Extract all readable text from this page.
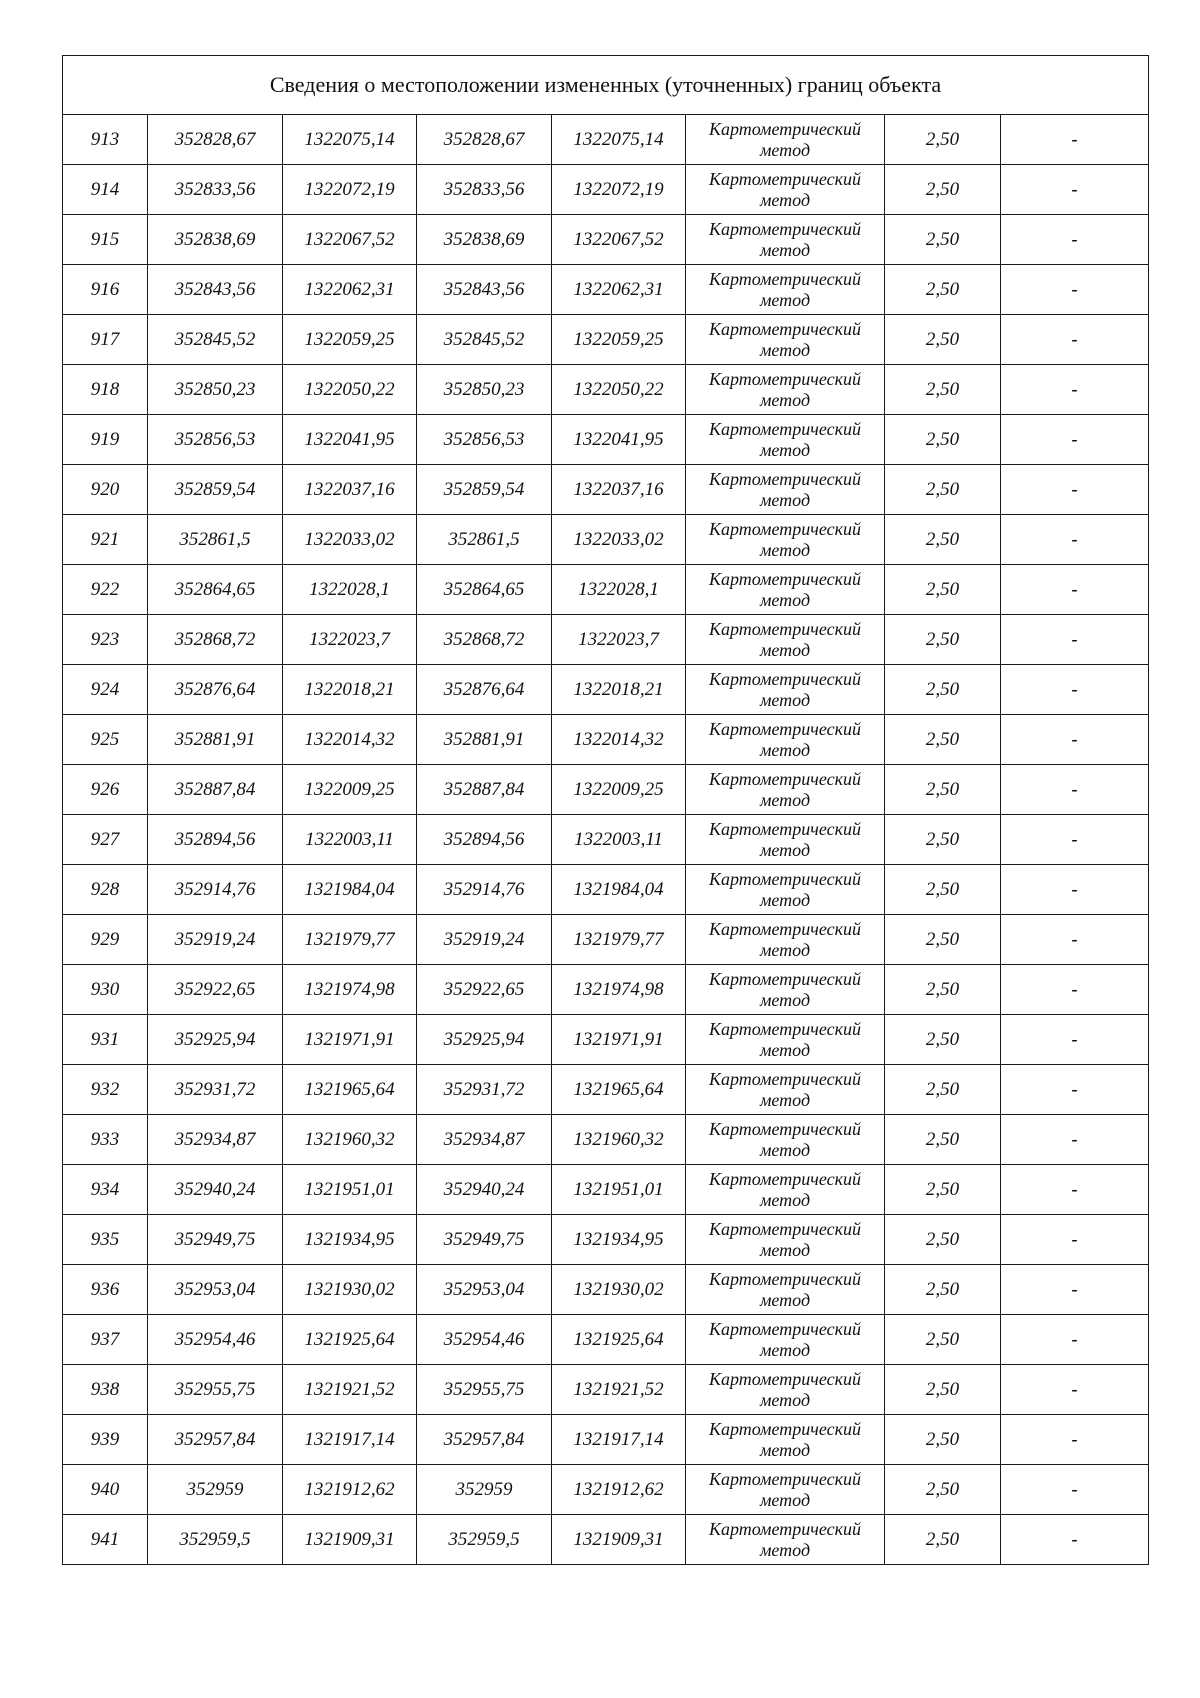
Сведения о местоположении измененных (уточненных) границ объекта							
913	352828,67	1322075,14	352828,67	1322075,14	Картометрический метод	2,50	-
914	352833,56	1322072,19	352833,56	1322072,19	Картометрический метод	2,50	-
915	352838,69	1322067,52	352838,69	1322067,52	Картометрический метод	2,50	-
916	352843,56	1322062,31	352843,56	1322062,31	Картометрический метод	2,50	-
917	352845,52	1322059,25	352845,52	1322059,25	Картометрический метод	2,50	-
918	352850,23	1322050,22	352850,23	1322050,22	Картометрический метод	2,50	-
919	352856,53	1322041,95	352856,53	1322041,95	Картометрический метод	2,50	-
920	352859,54	1322037,16	352859,54	1322037,16	Картометрический метод	2,50	-
921	352861,5	1322033,02	352861,5	1322033,02	Картометрический метод	2,50	-
922	352864,65	1322028,1	352864,65	1322028,1	Картометрический метод	2,50	-
923	352868,72	1322023,7	352868,72	1322023,7	Картометрический метод	2,50	-
924	352876,64	1322018,21	352876,64	1322018,21	Картометрический метод	2,50	-
925	352881,91	1322014,32	352881,91	1322014,32	Картометрический метод	2,50	-
926	352887,84	1322009,25	352887,84	1322009,25	Картометрический метод	2,50	-
927	352894,56	1322003,11	352894,56	1322003,11	Картометрический метод	2,50	-
928	352914,76	1321984,04	352914,76	1321984,04	Картометрический метод	2,50	-
929	352919,24	1321979,77	352919,24	1321979,77	Картометрический метод	2,50	-
930	352922,65	1321974,98	352922,65	1321974,98	Картометрический метод	2,50	-
931	352925,94	1321971,91	352925,94	1321971,91	Картометрический метод	2,50	-
932	352931,72	1321965,64	352931,72	1321965,64	Картометрический метод	2,50	-
933	352934,87	1321960,32	352934,87	1321960,32	Картометрический метод	2,50	-
934	352940,24	1321951,01	352940,24	1321951,01	Картометрический метод	2,50	-
935	352949,75	1321934,95	352949,75	1321934,95	Картометрический метод	2,50	-
936	352953,04	1321930,02	352953,04	1321930,02	Картометрический метод	2,50	-
937	352954,46	1321925,64	352954,46	1321925,64	Картометрический метод	2,50	-
938	352955,75	1321921,52	352955,75	1321921,52	Картометрический метод	2,50	-
939	352957,84	1321917,14	352957,84	1321917,14	Картометрический метод	2,50	-
940	352959	1321912,62	352959	1321912,62	Картометрический метод	2,50	-
941	352959,5	1321909,31	352959,5	1321909,31	Картометрический метод	2,50	-
